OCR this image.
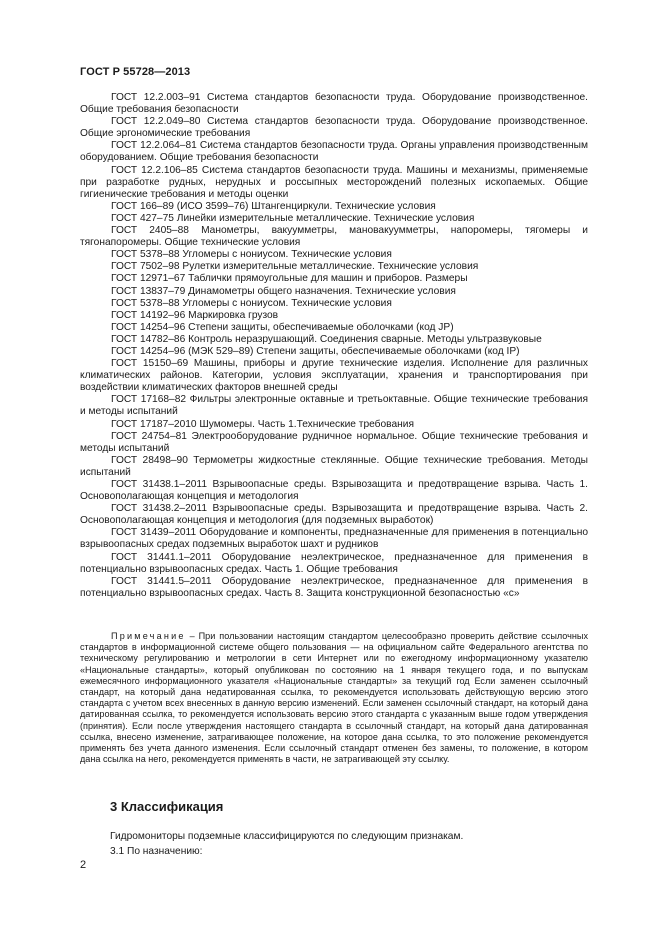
ГОСТ Р 55728—2013

ГОСТ 12.2.003–91 Система стандартов безопасности труда. Оборудование производственное. Общие требования безопасности

ГОСТ 12.2.049–80 Система стандартов безопасности труда. Оборудование производственное. Общие эргономические требования

ГОСТ 12.2.064–81 Система стандартов безопасности труда. Органы управления производственным оборудованием. Общие требования безопасности

ГОСТ 12.2.106–85 Система стандартов безопасности труда. Машины и механизмы, применяемые при разработке рудных, нерудных и россыпных месторождений полезных ископаемых. Общие гигиенические требования и методы оценки

ГОСТ 166–89 (ИСО 3599–76) Штангенциркули. Технические условия

ГОСТ 427–75 Линейки измерительные металлические. Технические условия

ГОСТ 2405–88 Манометры, вакуумметры, мановакуумметры, напоромеры, тягомеры и тягонапоромеры. Общие технические условия

ГОСТ 5378–88 Угломеры с нониусом. Технические условия

ГОСТ 7502–98 Рулетки измерительные металлические. Технические условия

ГОСТ 12971–67 Таблички прямоугольные для машин и приборов. Размеры

ГОСТ 13837–79 Динамометры общего назначения. Технические условия

ГОСТ 5378–88 Угломеры с нониусом. Технические условия

ГОСТ 14192–96 Маркировка грузов

ГОСТ 14254–96 Степени защиты, обеспечиваемые оболочками (код JP)

ГОСТ 14782–86 Контроль неразрушающий. Соединения сварные. Методы ультразвуковые

ГОСТ 14254–96 (МЭК 529–89) Степени защиты, обеспечиваемые оболочками (код IP)

ГОСТ 15150–69 Машины, приборы и другие технические изделия. Исполнение для различных климатических районов. Категории, условия эксплуатации, хранения и транспортирования при воздействии климатических факторов внешней среды

ГОСТ 17168–82 Фильтры электронные октавные и третьоктавные. Общие технические требования и методы испытаний

ГОСТ 17187–2010 Шумомеры. Часть 1.Технические требования

ГОСТ 24754–81 Электрооборудование рудничное нормальное. Общие технические требования и методы испытаний

ГОСТ 28498–90 Термометры жидкостные стеклянные. Общие технические требования. Методы испытаний

ГОСТ 31438.1–2011 Взрывоопасные среды. Взрывозащита и предотвращение взрыва. Часть 1. Основополагающая концепция и методология

ГОСТ 31438.2–2011 Взрывоопасные среды. Взрывозащита и предотвращение взрыва. Часть 2. Основополагающая концепция и методология (для подземных выработок)

ГОСТ 31439–2011 Оборудование и компоненты, предназначенные для применения в потенциально взрывоопасных средах подземных выработок шахт и рудников

ГОСТ 31441.1–2011 Оборудование неэлектрическое, предназначенное для применения в потенциально взрывоопасных средах. Часть 1. Общие требования

ГОСТ 31441.5–2011 Оборудование неэлектрическое, предназначенное для применения в потенциально взрывоопасных средах. Часть 8. Защита конструкционной безопасностью «с»

Примечание – При пользовании настоящим стандартом целесообразно проверить действие ссылочных стандартов в информационной системе общего пользования — на официальном сайте Федерального агентства по техническому регулированию и метрологии в сети Интернет или по ежегодному информационному указателю «Национальные стандарты», который опубликован по состоянию на 1 января текущего года, и по выпускам ежемесячного информационного указателя «Национальные стандарты» за текущий год Если заменен ссылочный стандарт, на который дана недатированная ссылка, то рекомендуется использовать действующую версию этого стандарта с учетом всех внесенных в данную версию изменений. Если заменен ссылочный стандарт, на который дана датированная ссылка, то рекомендуется использовать версию этого стандарта с указанным выше годом утверждения (принятия). Если после утверждения настоящего стандарта в ссылочный стандарт, на который дана датированная ссылка, внесено изменение, затрагивающее положение, на которое дана ссылка, то это положение рекомендуется применять без учета данного изменения. Если ссылочный стандарт отменен без замены, то положение, в котором дана ссылка на него, рекомендуется применять в части, не затрагивающей эту ссылку.

3 Классификация

Гидромониторы подземные классифицируются по следующим признакам.

3.1 По назначению:

2
